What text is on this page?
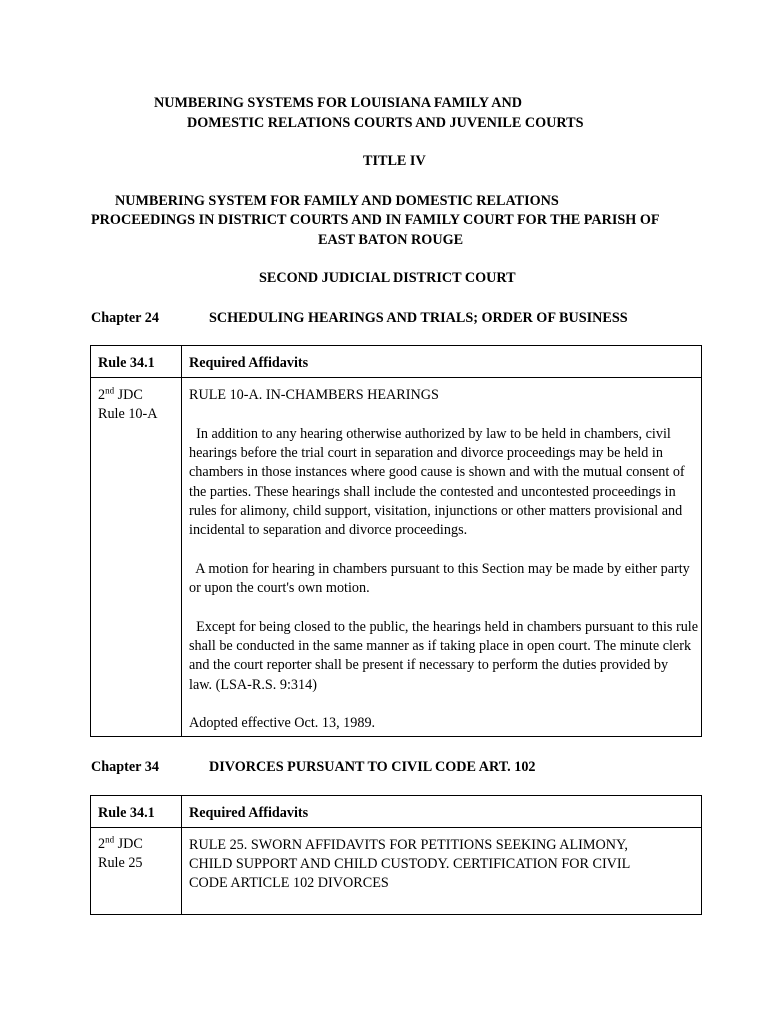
NUMBERING SYSTEMS FOR LOUISIANA FAMILY AND
DOMESTIC RELATIONS COURTS AND JUVENILE COURTS
TITLE IV
NUMBERING SYSTEM FOR FAMILY AND DOMESTIC RELATIONS
PROCEEDINGS IN DISTRICT COURTS AND IN FAMILY COURT FOR THE PARISH OF
EAST BATON ROUGE
SECOND JUDICIAL DISTRICT COURT
Chapter 24	SCHEDULING HEARINGS AND TRIALS; ORDER OF BUSINESS
Rule 34.1 Required Affidavits
2nd JDC
Rule 10-A
RULE 10-A. IN-CHAMBERS HEARINGS
In addition to any hearing otherwise authorized by law to be held in chambers, civil
hearings before the trial court in separation and divorce proceedings may be held in
chambers in those instances where good cause is shown and with the mutual consent of
the parties. These hearings shall include the contested and uncontested proceedings in
rules for alimony, child support, visitation, injunctions or other matters provisional and
incidental to separation and divorce proceedings.
A motion for hearing in chambers pursuant to this Section may be made by either party
or upon the court's own motion.
Except for being closed to the public, the hearings held in chambers pursuant to this rule
shall be conducted in the same manner as if taking place in open court. The minute clerk
and the court reporter shall be present if necessary to perform the duties provided by
law. (LSA-R.S. 9:314)
Adopted effective Oct. 13, 1989.
Chapter 34	DIVORCES PURSUANT TO CIVIL CODE ART. 102
Rule 34.1 Required Affidavits
2nd JDC
Rule 25
RULE 25. SWORN AFFIDAVITS FOR PETITIONS SEEKING ALIMONY,
CHILD SUPPORT AND CHILD CUSTODY. CERTIFICATION FOR CIVIL
CODE ARTICLE 102 DIVORCES
